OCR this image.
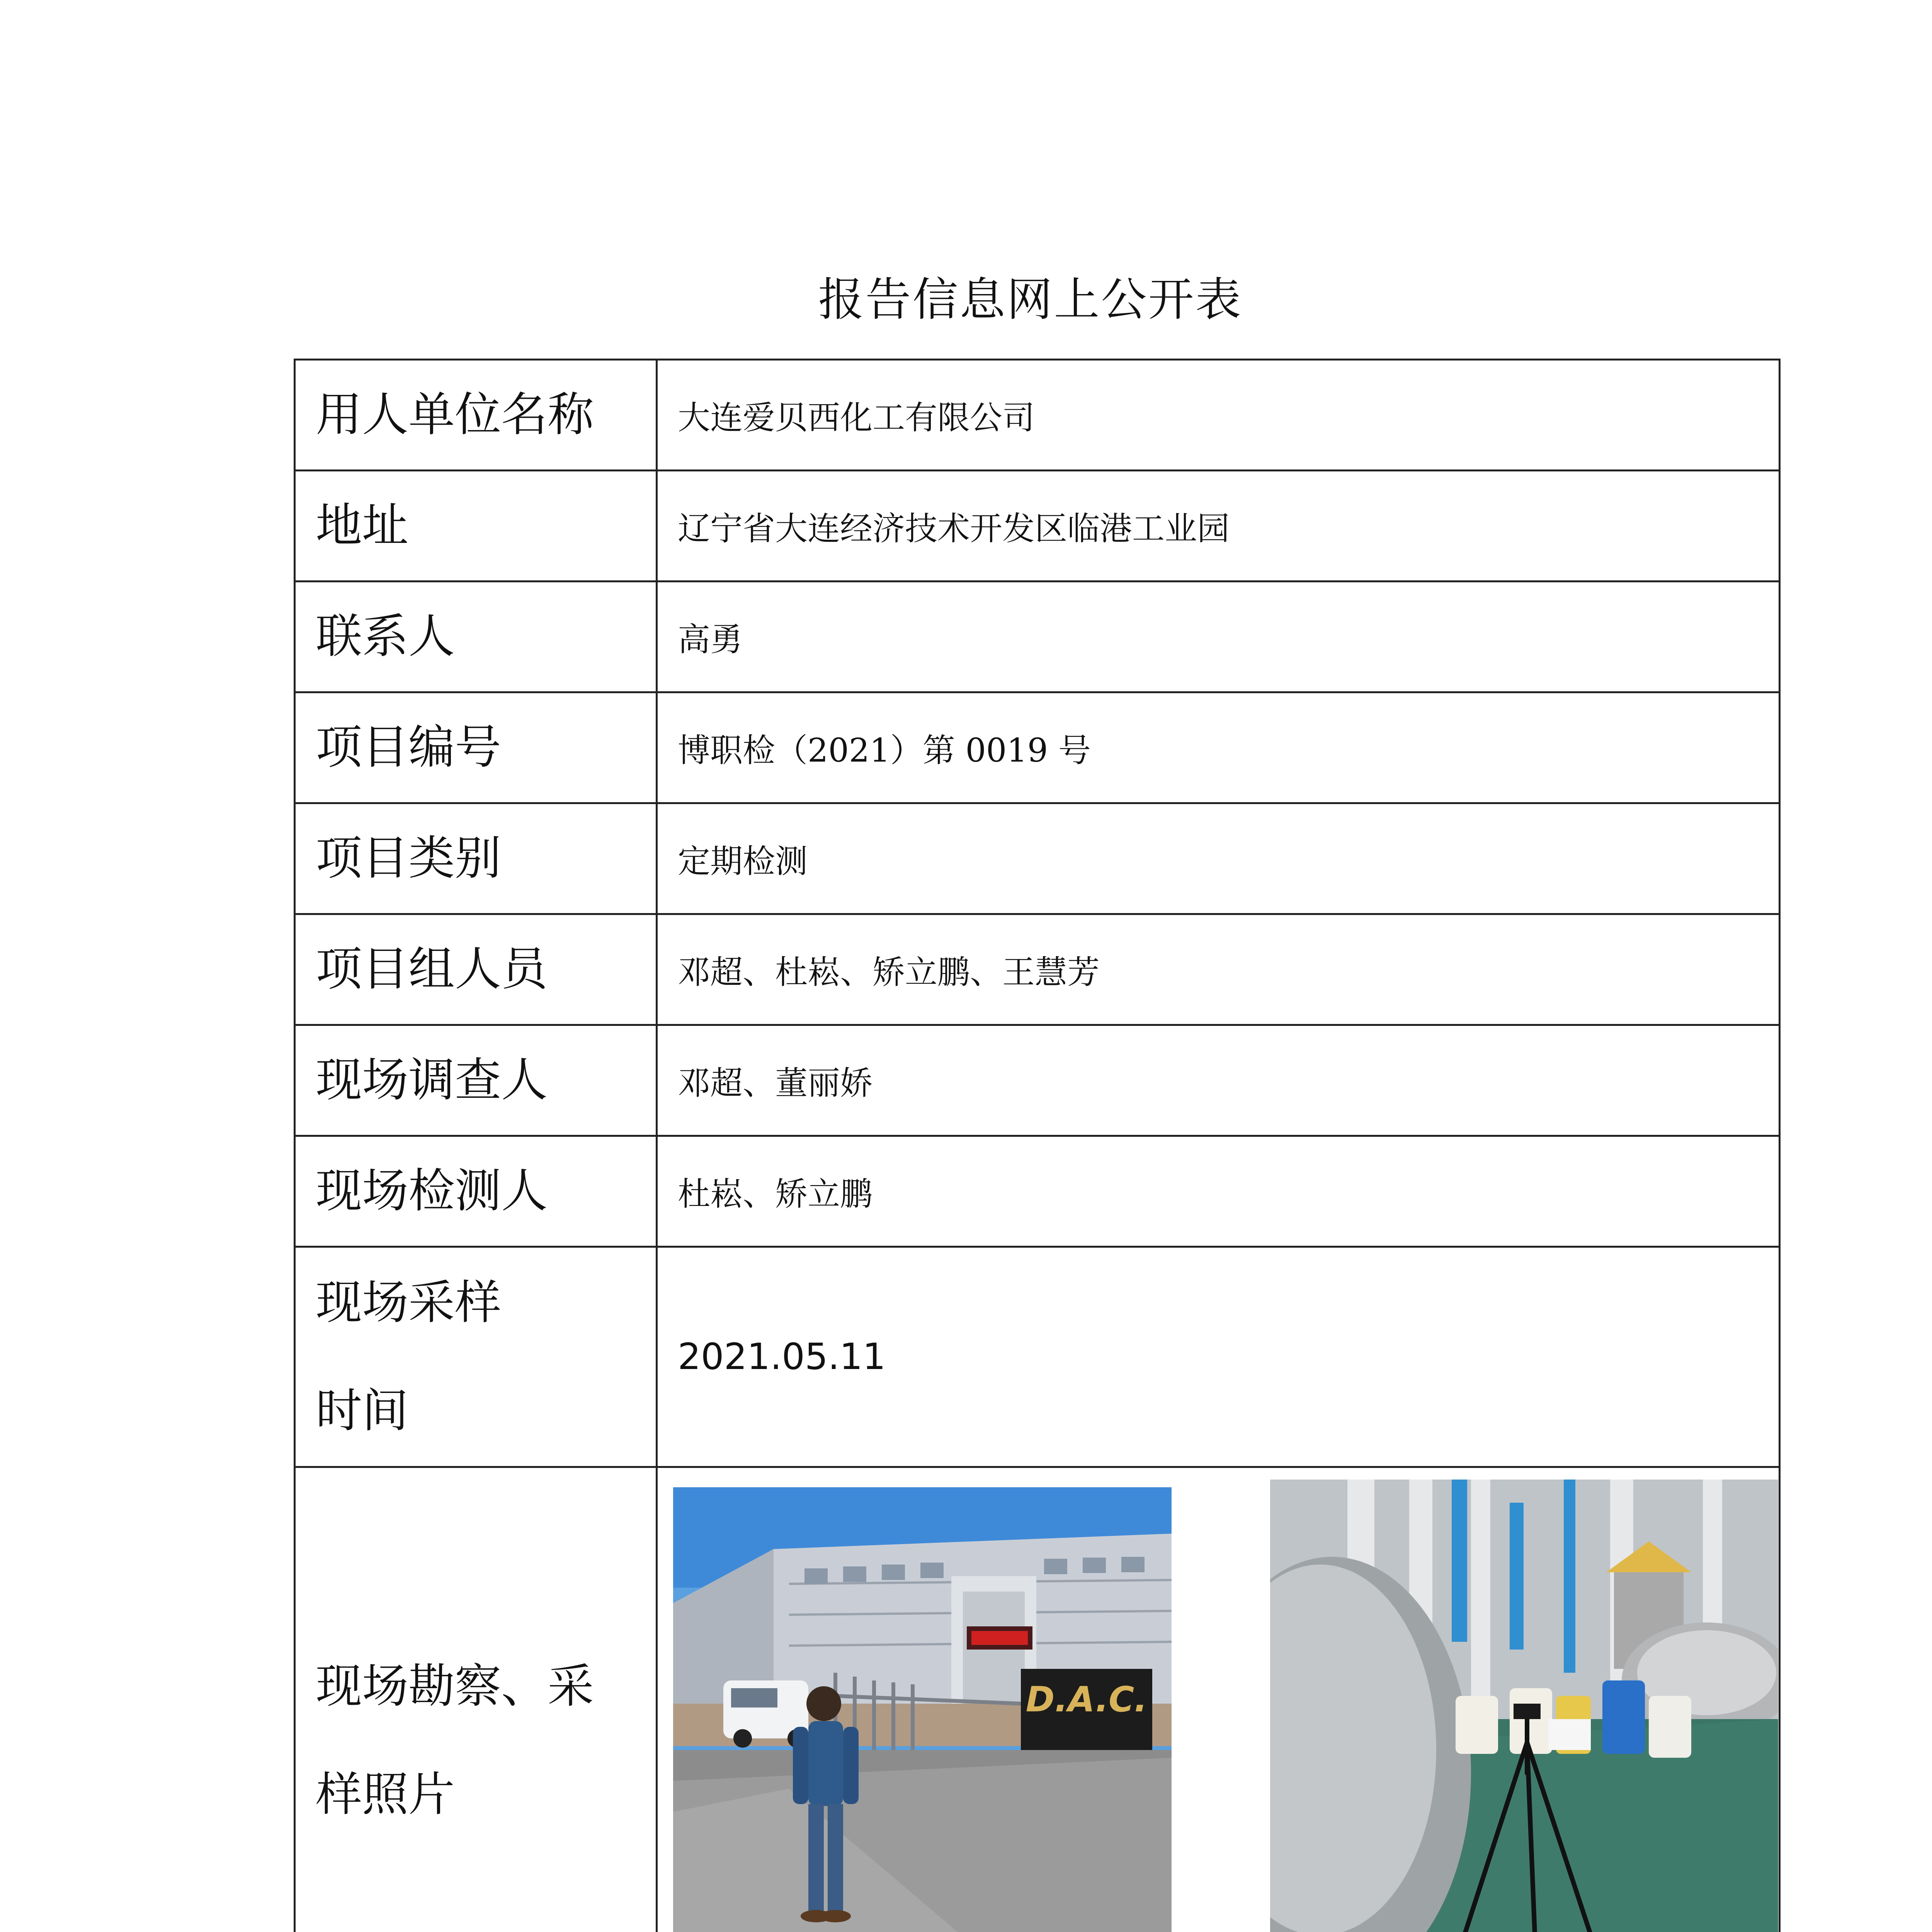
报告信息网上公开表
用人单位名称	大连爱贝西化工有限公司
地址	辽宁省大连经济技术开发区临港工业园
联系人	高勇
项目编号	博职检（2021）第 0019 号
项目类别	定期检测
项目组人员	邓超、杜崧、矫立鹏、王慧芳
现场调查人	邓超、董丽娇
现场检测人	杜崧、矫立鹏

现场采样
时间	2021.05.11

现场勘察、采
样照片	D.A.C.
